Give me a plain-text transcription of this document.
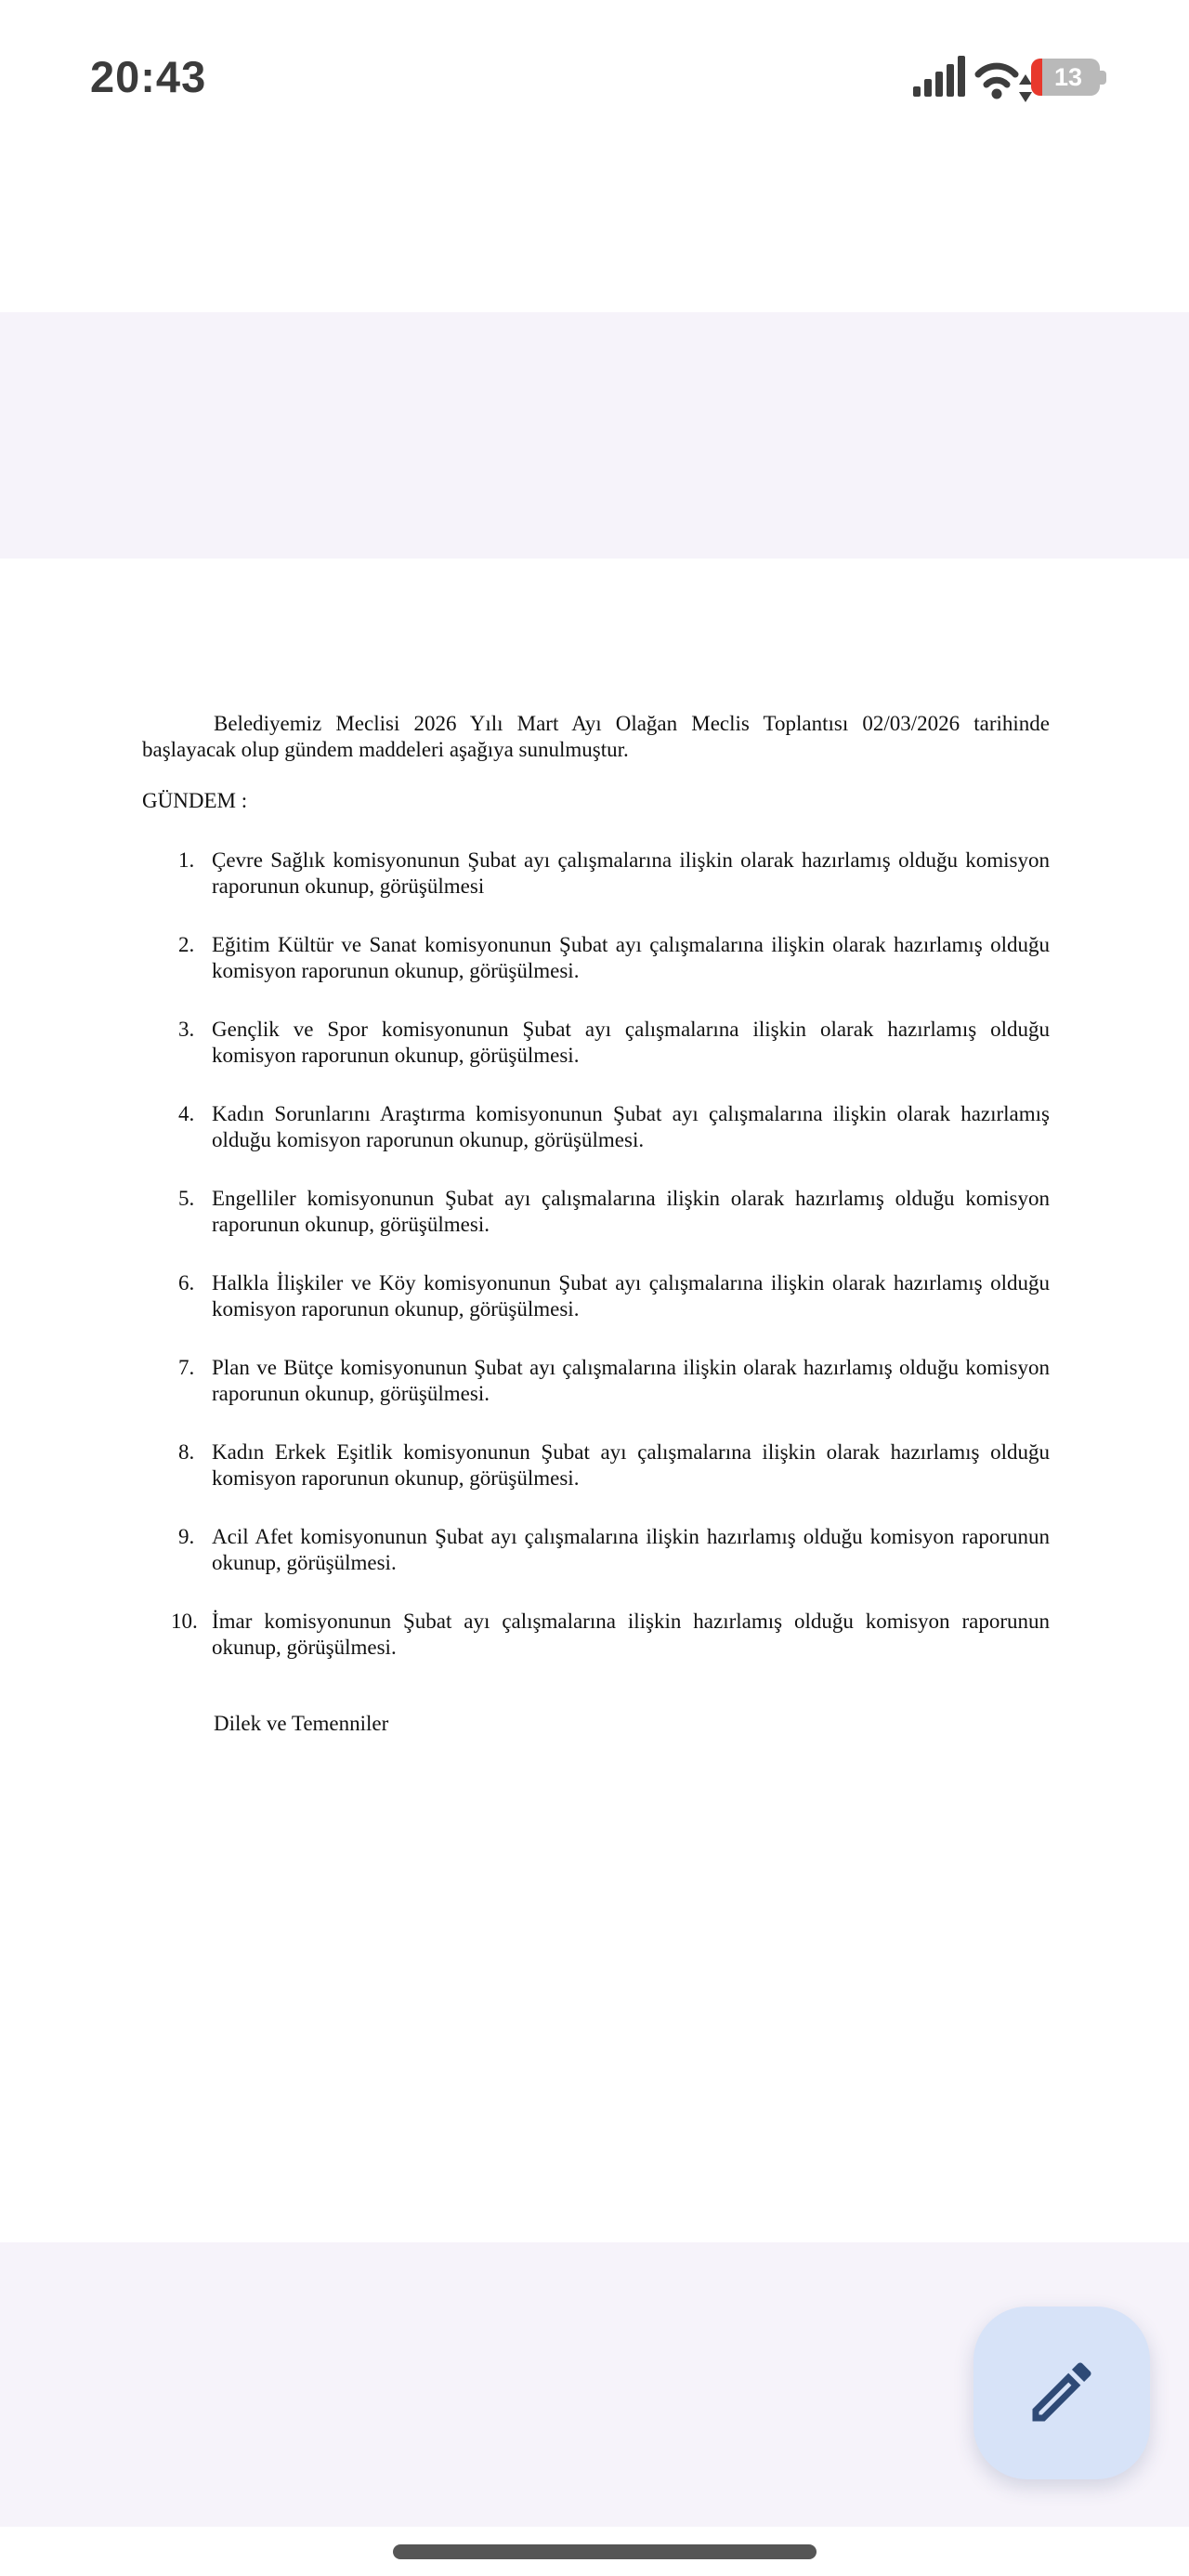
20:43	13

Belediyemiz Meclisi 2026 Yılı Mart Ayı Olağan Meclis Toplantısı 02/03/2026 tarihinde başlayacak olup gündem maddeleri aşağıya sunulmuştur.

GÜNDEM :

1. Çevre Sağlık komisyonunun Şubat ayı çalışmalarına ilişkin olarak hazırlamış olduğu komisyon raporunun okunup, görüşülmesi
2. Eğitim Kültür ve Sanat komisyonunun Şubat ayı çalışmalarına ilişkin olarak hazırlamış olduğu komisyon raporunun okunup, görüşülmesi.
3. Gençlik ve Spor komisyonunun Şubat ayı çalışmalarına ilişkin olarak hazırlamış olduğu komisyon raporunun okunup, görüşülmesi.
4. Kadın Sorunlarını Araştırma komisyonunun Şubat ayı çalışmalarına ilişkin olarak hazırlamış olduğu komisyon raporunun okunup, görüşülmesi.
5. Engelliler komisyonunun Şubat ayı çalışmalarına ilişkin olarak hazırlamış olduğu komisyon raporunun okunup, görüşülmesi.
6. Halkla İlişkiler ve Köy komisyonunun Şubat ayı çalışmalarına ilişkin olarak hazırlamış olduğu komisyon raporunun okunup, görüşülmesi.
7. Plan ve Bütçe komisyonunun Şubat ayı çalışmalarına ilişkin olarak hazırlamış olduğu komisyon raporunun okunup, görüşülmesi.
8. Kadın Erkek Eşitlik komisyonunun Şubat ayı çalışmalarına ilişkin olarak hazırlamış olduğu komisyon raporunun okunup, görüşülmesi.
9. Acil Afet komisyonunun Şubat ayı çalışmalarına ilişkin hazırlamış olduğu komisyon raporunun okunup, görüşülmesi.
10. İmar komisyonunun Şubat ayı çalışmalarına ilişkin hazırlamış olduğu komisyon raporunun okunup, görüşülmesi.

Dilek ve Temenniler
